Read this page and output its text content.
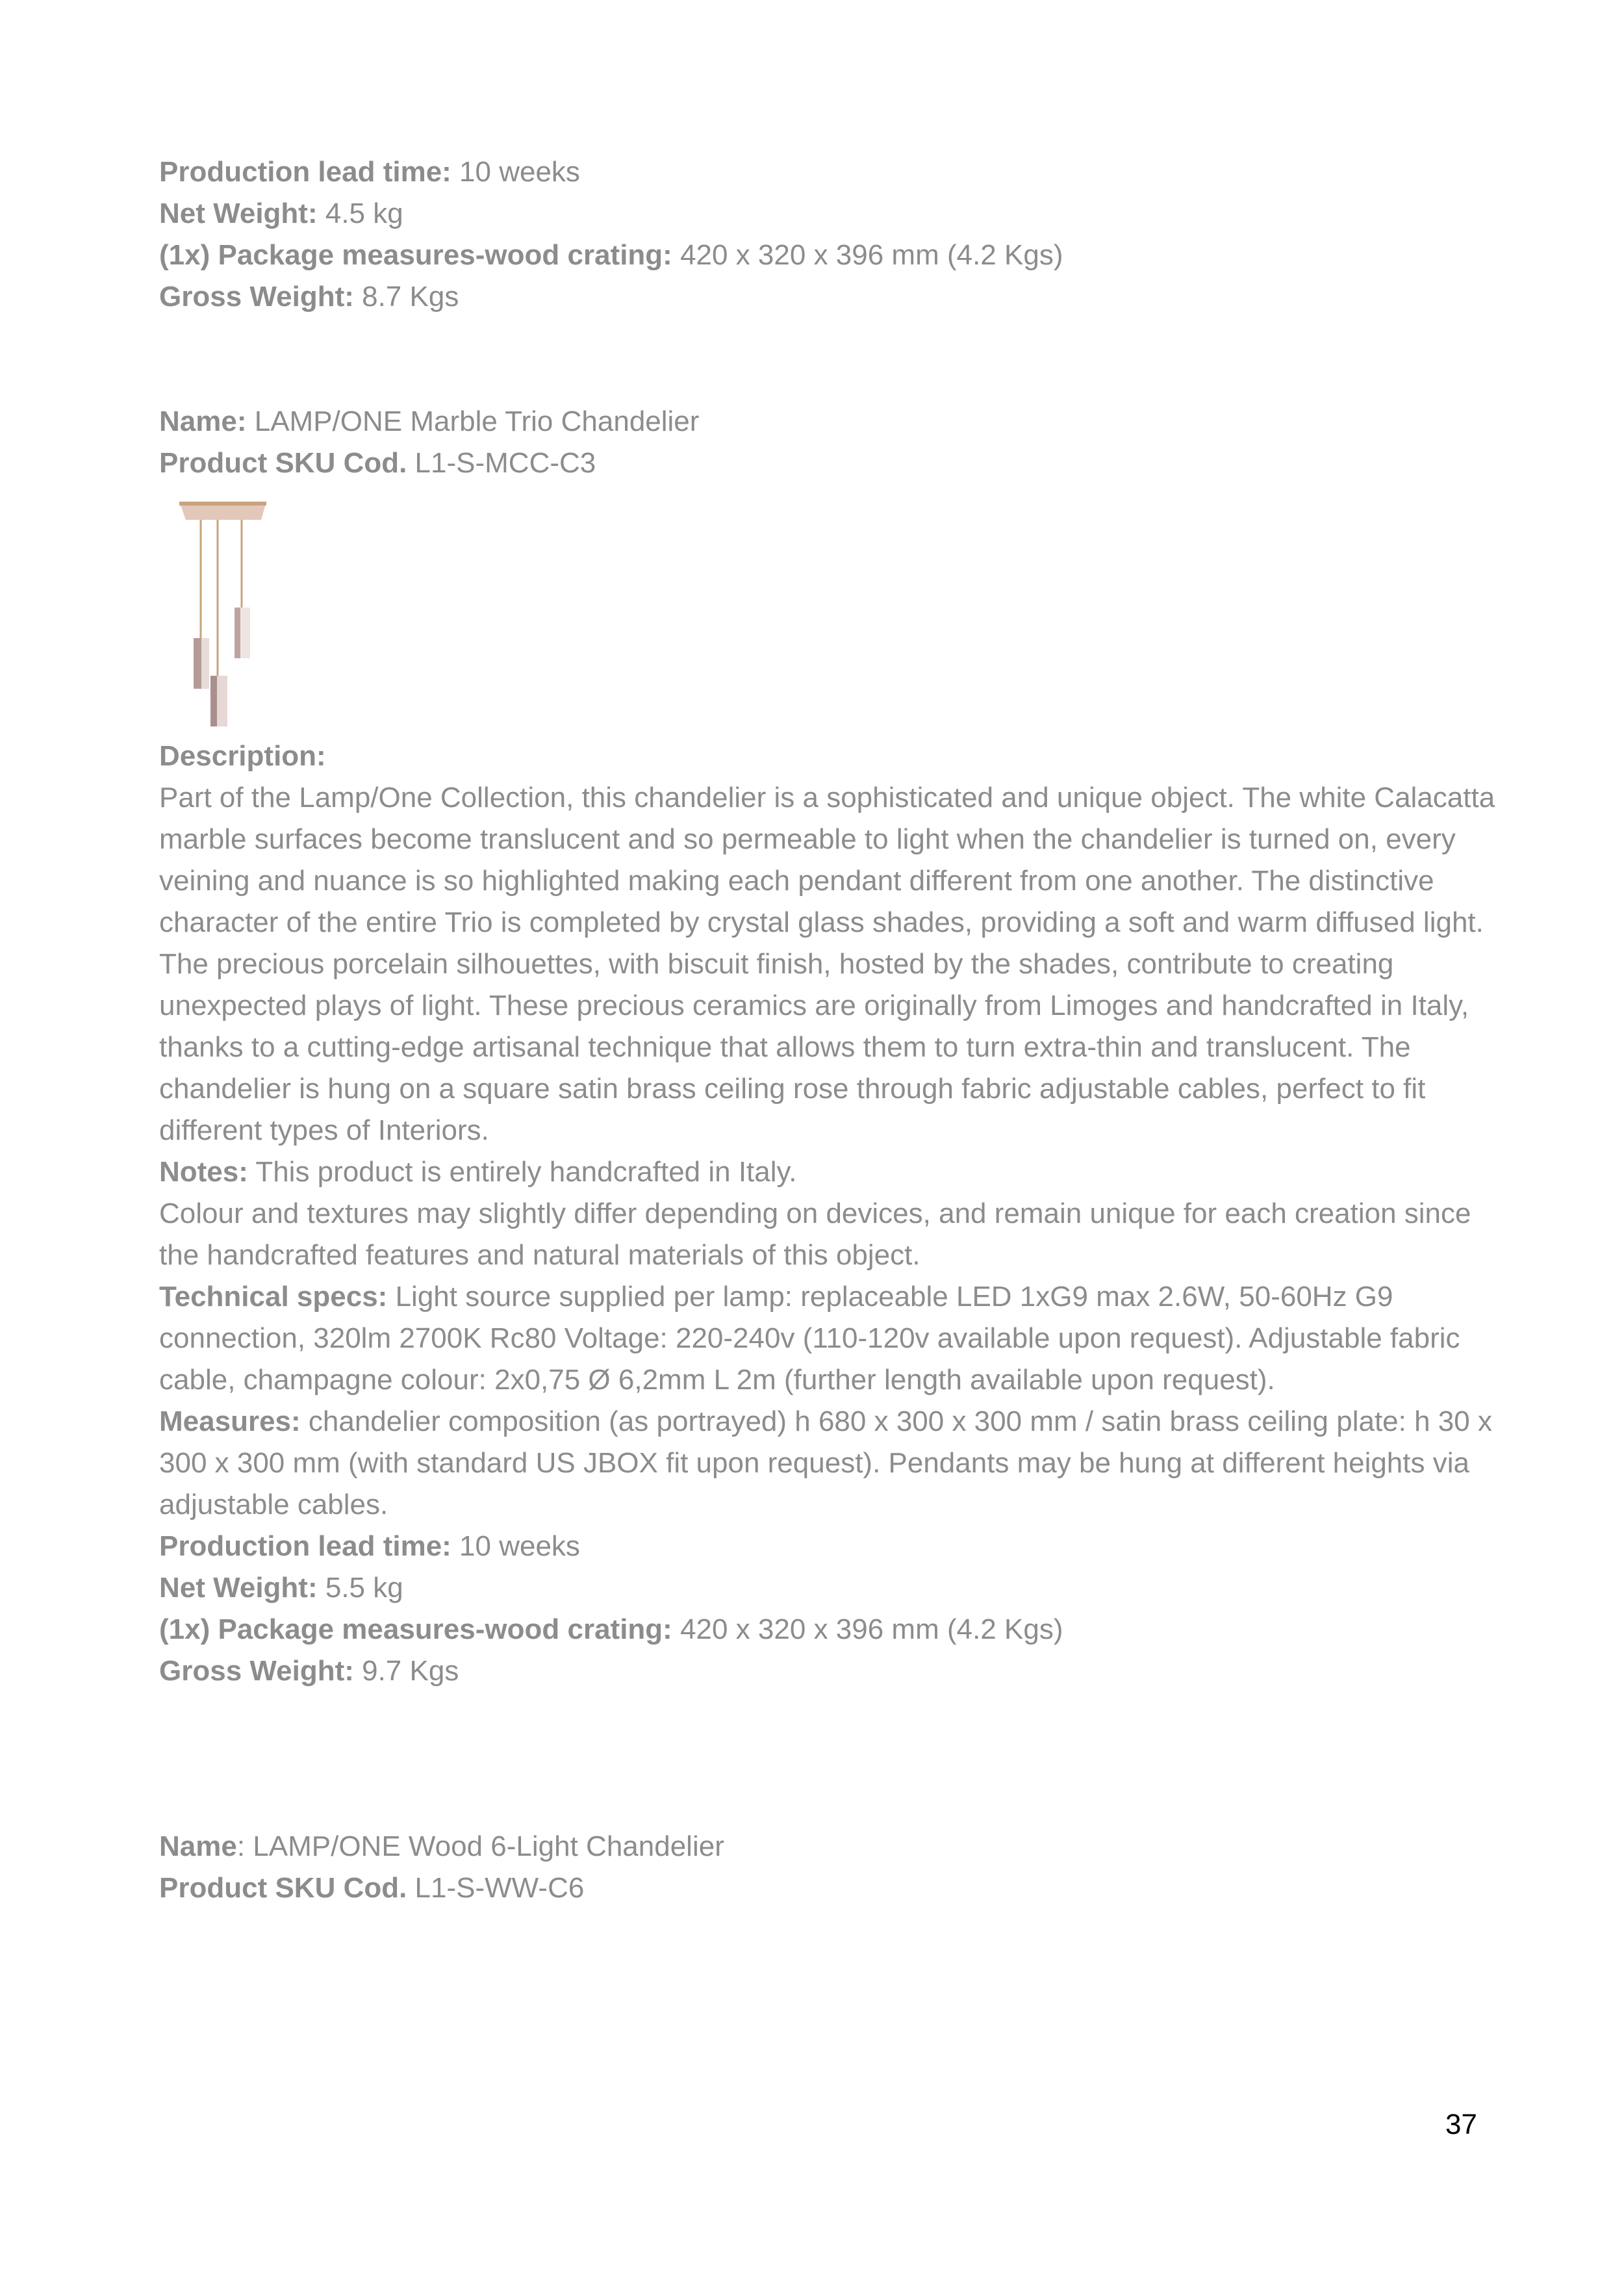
Production lead time: 10 weeks
Net Weight: 4.5 kg
(1x) Package measures-wood crating: 420 x 320 x 396 mm (4.2 Kgs)
Gross Weight: 8.7 Kgs
Name: LAMP/ONE Marble Trio Chandelier
Product SKU Cod. L1-S-MCC-C3

Description:

Part of the Lamp/One Collection, this chandelier is a sophisticated and unique object. The white Calacatta marble surfaces become translucent and so permeable to light when the chandelier is turned on, every veining and nuance is so highlighted making each pendant different from one another. The distinctive character of the entire Trio is completed by crystal glass shades, providing a soft and warm diffused light. The precious porcelain silhouettes, with biscuit finish, hosted by the shades, contribute to creating unexpected plays of light. These precious ceramics are originally from Limoges and handcrafted in Italy, thanks to a cutting-edge artisanal technique that allows them to turn extra-thin and translucent. The chandelier is hung on a square satin brass ceiling rose through fabric adjustable cables, perfect to fit different types of Interiors.

Notes: This product is entirely handcrafted in Italy.

Colour and textures may slightly differ depending on devices, and remain unique for each creation since the handcrafted features and natural materials of this object.

Technical specs: Light source supplied per lamp: replaceable LED 1xG9 max 2.6W, 50-60Hz G9 connection, 320lm 2700K Rc80 Voltage: 220-240v (110-120v available upon request). Adjustable fabric cable, champagne colour: 2x0,75 Ø 6,2mm L 2m (further length available upon request).

Measures: chandelier composition (as portrayed) h 680 x 300 x 300 mm / satin brass ceiling plate: h 30 x 300 x 300 mm (with standard US JBOX fit upon request). Pendants may be hung at different heights via adjustable cables.

Production lead time: 10 weeks

Net Weight: 5.5 kg

(1x) Package measures-wood crating: 420 x 320 x 396 mm (4.2 Kgs)

Gross Weight: 9.7 Kgs

Name: LAMP/ONE Wood 6-Light Chandelier
Product SKU Cod. L1-S-WW-C6
37
